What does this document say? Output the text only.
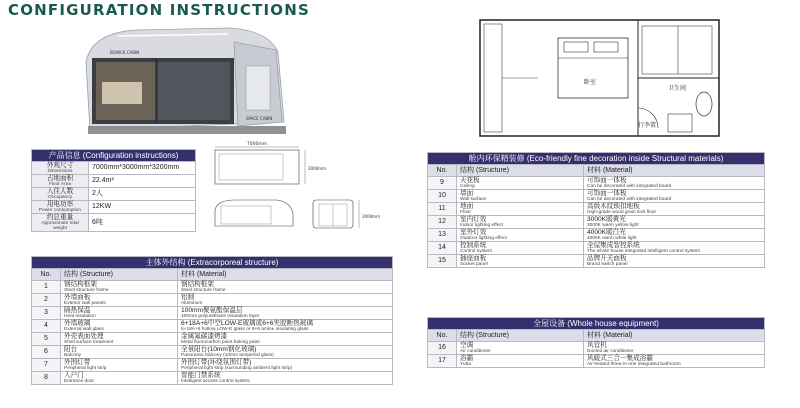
CONFIGURATION INSTRUCTIONS
BONICK CABIN
SPACE CABIN
卧室
卫生间
行李置
7000mm
3000mm
3000mm
产品信息 (Configuration instructions)	

外观尺寸
Dimensions	7000mm*3000mm*3200mm

占地面积
Floor Area	22.4m²

入住人数
Occupancy	2人

用电功率
Power consumption	12KW

约总重量
Approximate total weight	6吨
主体外结构 (Extracorporeal structure)		
No.	结构 (Structure)	材料 (Material)
1	钢结构框架
Steel structure frame	钢结构框架
Steel structure frame

2	外墙面板
Exterior wall panels	铝制
Aluminum

3	隔热保温
Heat insulation	100mm聚氨酯保温层
100mm polyurethane insulation layer

4	外墙玻璃
External wall glass	6+18A+6中空LOW-E玻璃或6+6夹胶断热玻璃
6+18A+6 hollow LOW-E glass or 6+6 amine insulating glass

5	外壳表面处理
Shell surface treatment	金属氟碳漆烤漆
Metal fluorocarbon paint baking paint

6	阳台
Balcony	全景阳台(10mm钢化玻璃)
Panoramic balcony (10mm tempered glass)

7	外围灯带
Peripheral light strip	外围灯带(环绕氛围灯带)
Peripheral light strip (surrounding ambient light strip)

8	入户门
Entrance door	智能门禁系统
Intelligent access control system
舱内环保精装修 (Eco-friendly fine decoration inside Structural materials)		
No.	结构 (Structure)	材料 (Material)
9	天花板
Ceiling	可饰面一体板
Can be decorated with integrated board

10	墙面
Wall surface	可饰面一体板
Can be decorated with integrated board

11	地面
Floor	高级木纹锁扣地板
High-grade wood grain lock floor

12	室内灯效
Indoor lighting effect	3000K暖黄光
3000K warm yellow light

13	室外灯效
Outdoor lighting effect	4000K暖白光
4000K warm white light

14	控制系统
Control system	全屋集成智控系统
The whole house integrated intelligent control system

15	插座面板
Socket panel	品牌开关面板
Brand switch panel
全屋设备 (Whole house equipment)		
No.	结构 (Structure)	材料 (Material)
16	空调
Air conditioner	风管机
Ducted air conditioner

17	浴霸
Yuba	风暖式三合一集成浴霸
Air-heated three-in-one integrated bathroom
